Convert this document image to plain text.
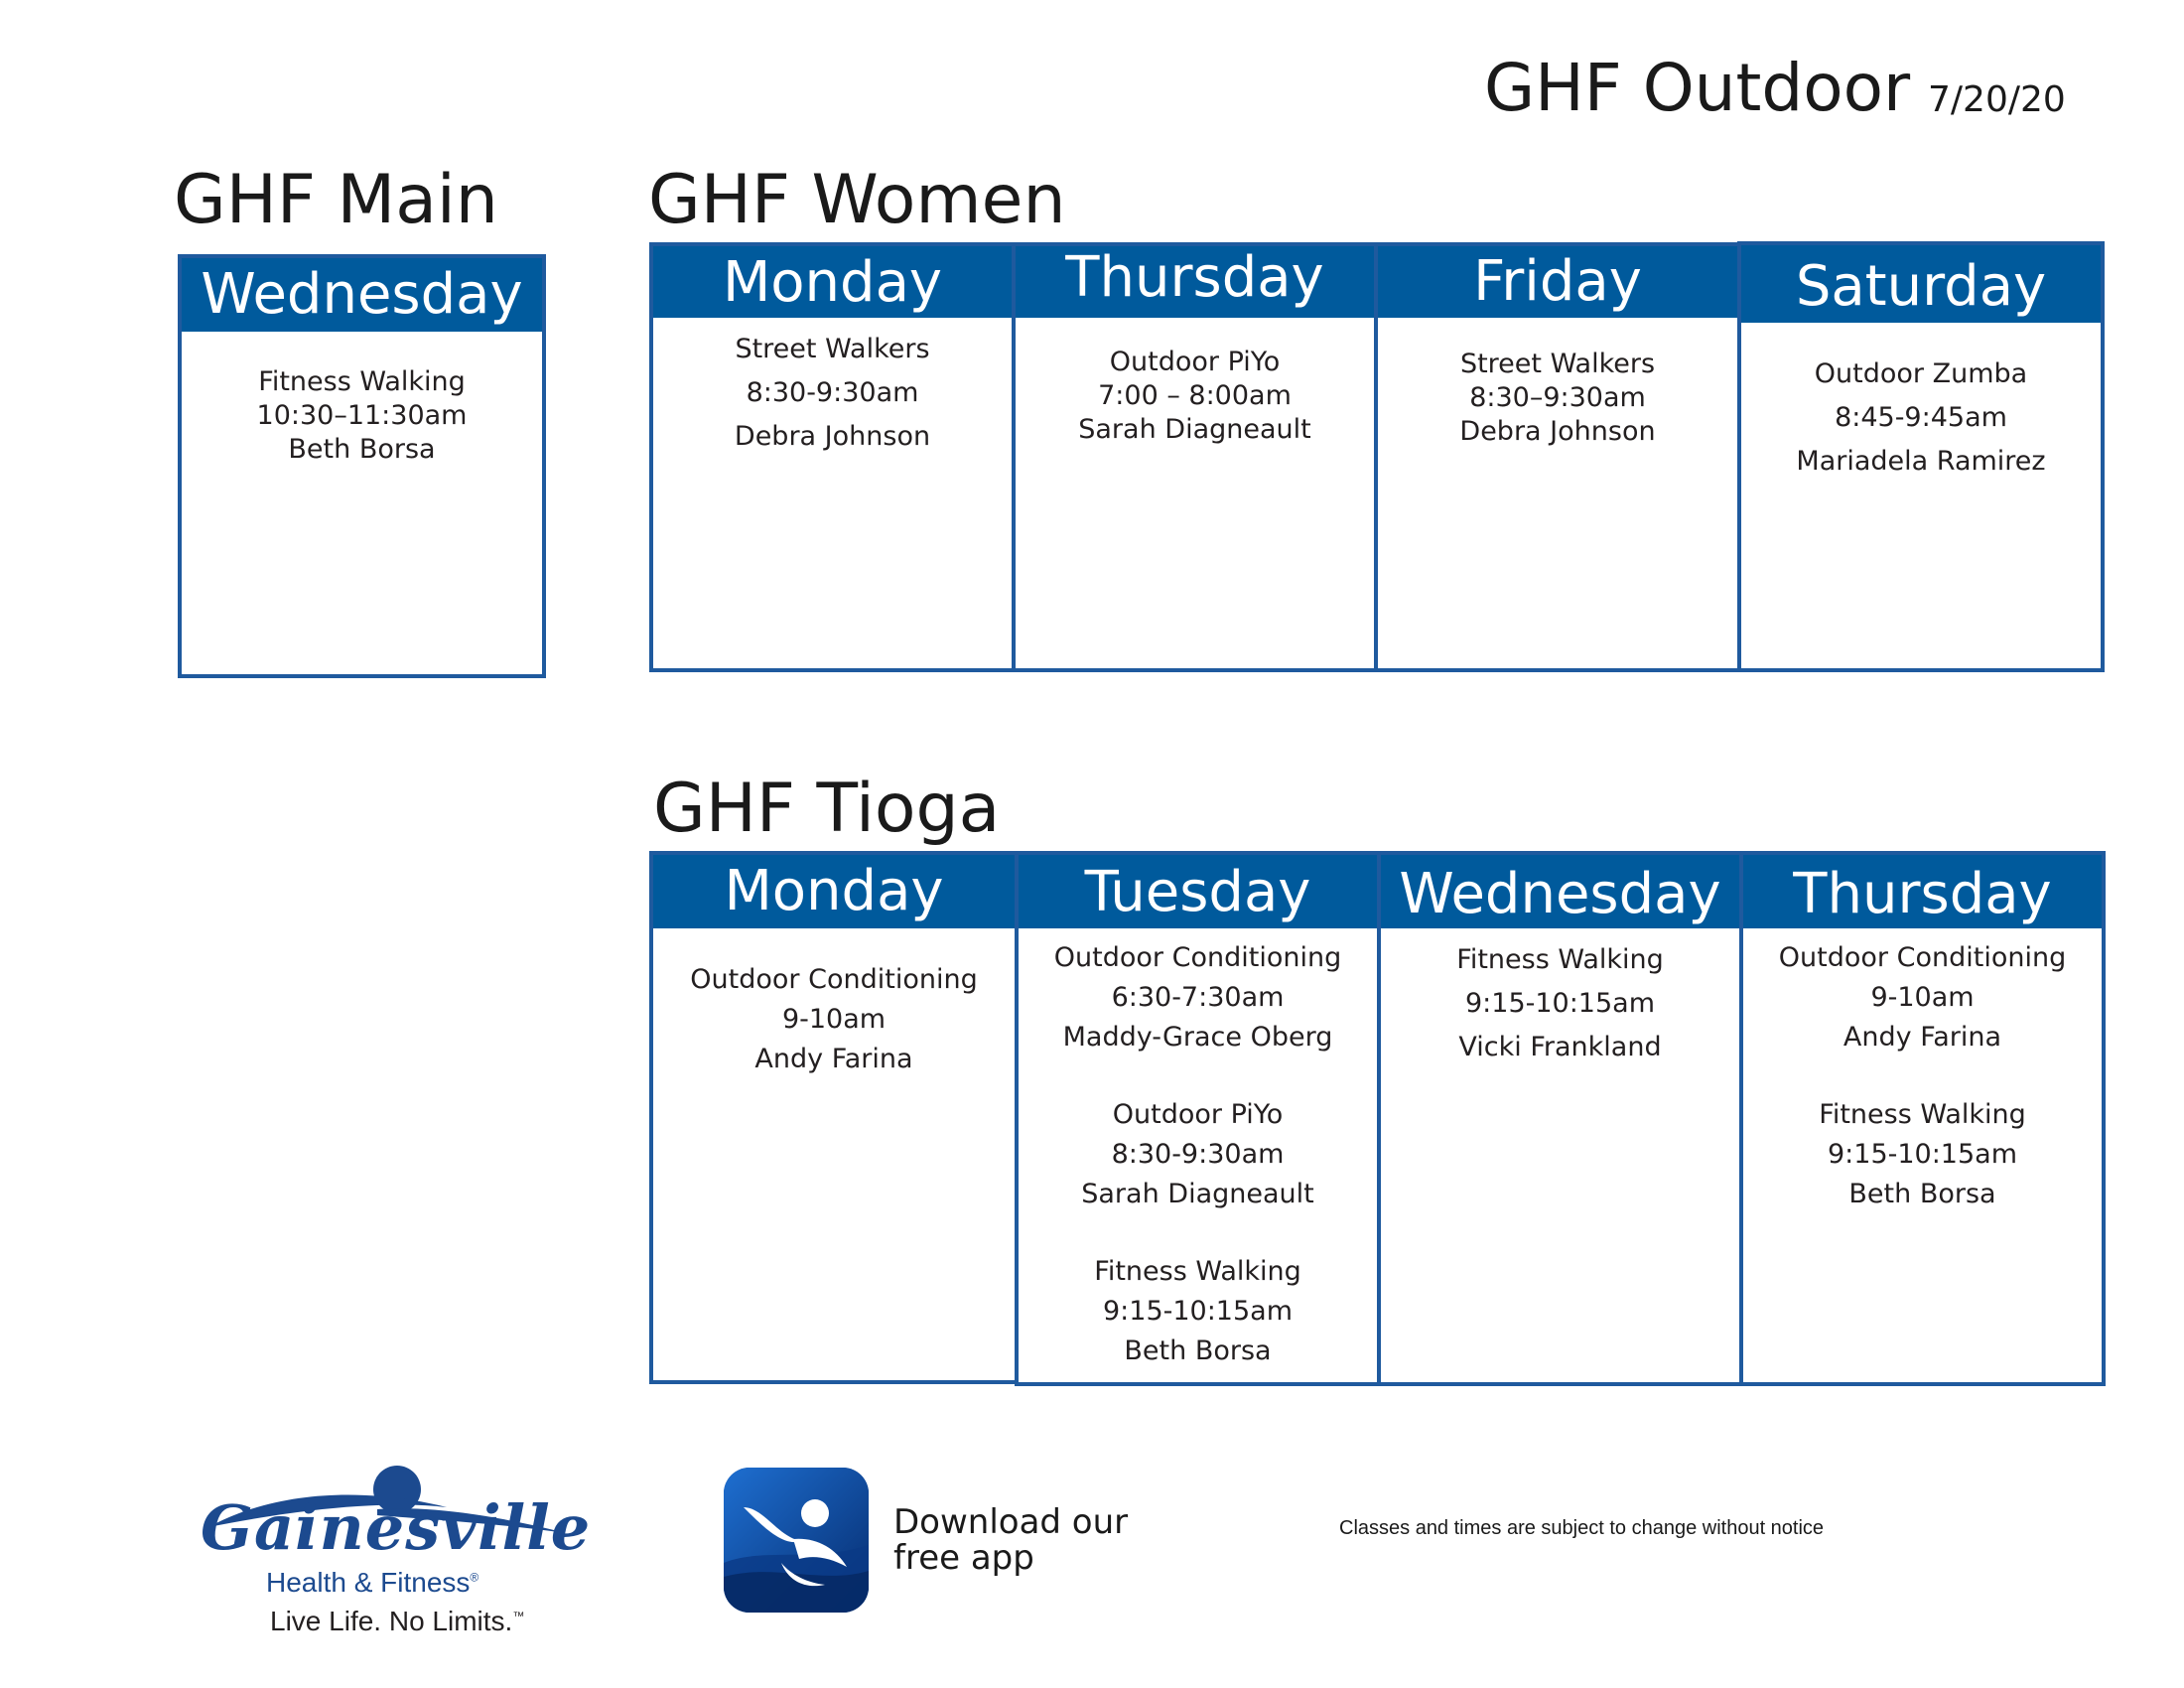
GHF Outdoor 7/20/20
GHF Main
Wednesday
Fitness Walking
10:30–11:30am
Beth Borsa
GHF Women
Monday
Street Walkers
8:30-9:30am
Debra Johnson
Thursday
Outdoor PiYo
7:00 – 8:00am
Sarah Diagneault
Friday
Street Walkers
8:30–9:30am
Debra Johnson
Saturday
Outdoor Zumba
8:45-9:45am
Mariadela Ramirez
GHF Tioga
Monday
Outdoor Conditioning
9-10am
Andy Farina
Tuesday
Outdoor Conditioning
6:30-7:30am
Maddy-Grace Oberg
Outdoor PiYo
8:30-9:30am
Sarah Diagneault
Fitness Walking
9:15-10:15am
Beth Borsa
Wednesday
Fitness Walking
9:15-10:15am
Vicki Frankland
Thursday
Outdoor Conditioning
9-10am
Andy Farina
Fitness Walking
9:15-10:15am
Beth Borsa
Gainesville
Health & Fitness®
Live Life. No Limits.™
Download our
free app
Classes and times are subject to change without notice
